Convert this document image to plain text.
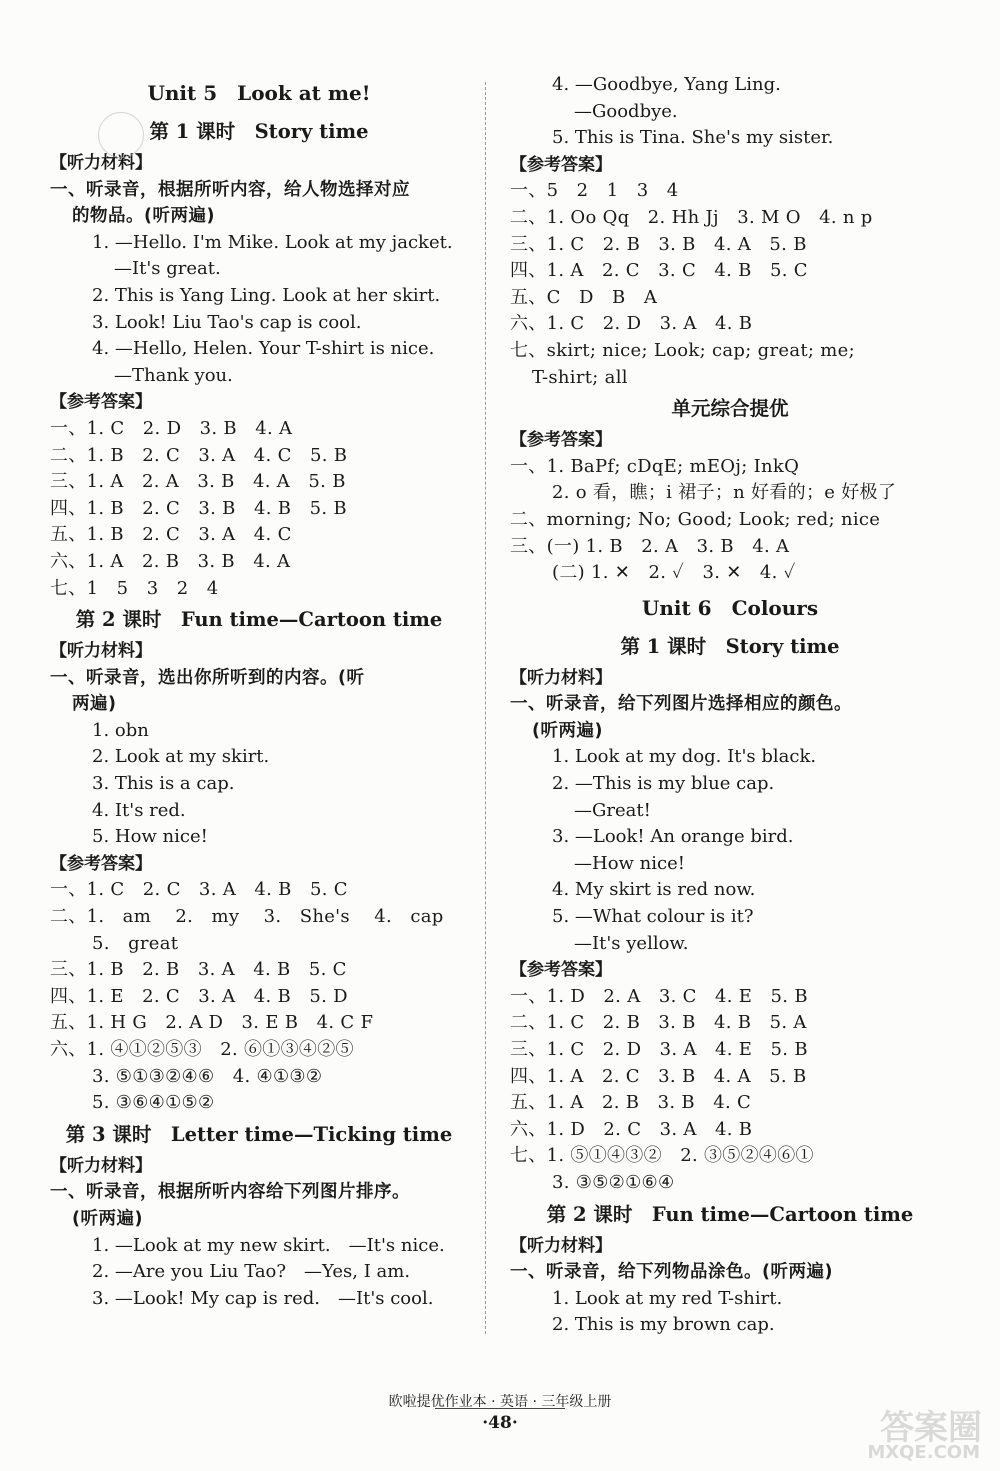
Unit 5　Look at me!
第 1 课时　Story time
【听力材料】
一、听录音，根据所听内容，给人物选择对应
的物品。(听两遍)
1. —Hello. I'm Mike. Look at my jacket.
—It's great.
2. This is Yang Ling. Look at her skirt.
3. Look! Liu Tao's cap is cool.
4. —Hello, Helen. Your T-shirt is nice.
—Thank you.
【参考答案】
一、1. C　2. D　3. B　4. A
二、1. B　2. C　3. A　4. C　5. B
三、1. A　2. A　3. B　4. A　5. B
四、1. B　2. C　3. B　4. B　5. B
五、1. B　2. C　3. A　4. C
六、1. A　2. B　3. B　4. A
七、1　5　3　2　4
第 2 课时　Fun time—Cartoon time
【听力材料】
一、听录音，选出你所听到的内容。(听
两遍)
1. obn
2. Look at my skirt.
3. This is a cap.
4. It's red.
5. How nice!
【参考答案】
一、1. C　2. C　3. A　4. B　5. C
二、1.　am　 2.　my　 3.　She's　 4.　cap
5.　great
三、1. B　2. B　3. A　4. B　5. C
四、1. E　2. C　3. A　4. B　5. D
五、1. H G　2. A D　3. E B　4. C F
六、1. ④①②⑤③　2. ⑥①③④②⑤
3. ⑤①③②④⑥　4. ④①③②
5. ③⑥④①⑤②
第 3 课时　Letter time—Ticking time
【听力材料】
一、听录音，根据所听内容给下列图片排序。
(听两遍)
1. —Look at my new skirt.　—It's nice.
2. —Are you Liu Tao?　—Yes, I am.
3. —Look! My cap is red.　—It's cool.
4. —Goodbye, Yang Ling.
—Goodbye.
5. This is Tina. She's my sister.
【参考答案】
一、5　2　1　3　4
二、1. Oo Qq　2. Hh Jj　3. M O　4. n p
三、1. C　2. B　3. B　4. A　5. B
四、1. A　2. C　3. C　4. B　5. C
五、C　D　B　A
六、1. C　2. D　3. A　4. B
七、skirt; nice; Look; cap; great; me;
T-shirt; all
单元综合提优
【参考答案】
一、1. BaPf; cDqE; mEOj; InkQ
2. o 看，瞧；i 裙子；n 好看的；e 好极了
二、morning; No; Good; Look; red; nice
三、(一) 1. B　2. A　3. B　4. A
(二) 1. ✕　2. ✓　3. ✕　4. ✓
Unit 6　Colours
第 1 课时　Story time
【听力材料】
一、听录音，给下列图片选择相应的颜色。
(听两遍)
1. Look at my dog. It's black.
2. —This is my blue cap.
—Great!
3. —Look! An orange bird.
—How nice!
4. My skirt is red now.
5. —What colour is it?
—It's yellow.
【参考答案】
一、1. D　2. A　3. C　4. E　5. B
二、1. C　2. B　3. B　4. B　5. A
三、1. C　2. D　3. A　4. E　5. B
四、1. A　2. C　3. B　4. A　5. B
五、1. A　2. B　3. B　4. C
六、1. D　2. C　3. A　4. B
七、1. ⑤①④③②　2. ③⑤②④⑥①
3. ③⑤②①⑥④
第 2 课时　Fun time—Cartoon time
【听力材料】
一、听录音，给下列物品涂色。(听两遍)
1. Look at my red T-shirt.
2. This is my brown cap.
欧啦提优作业本 · 英语 · 三年级上册
·48·	答案圈
MXQE.COM
